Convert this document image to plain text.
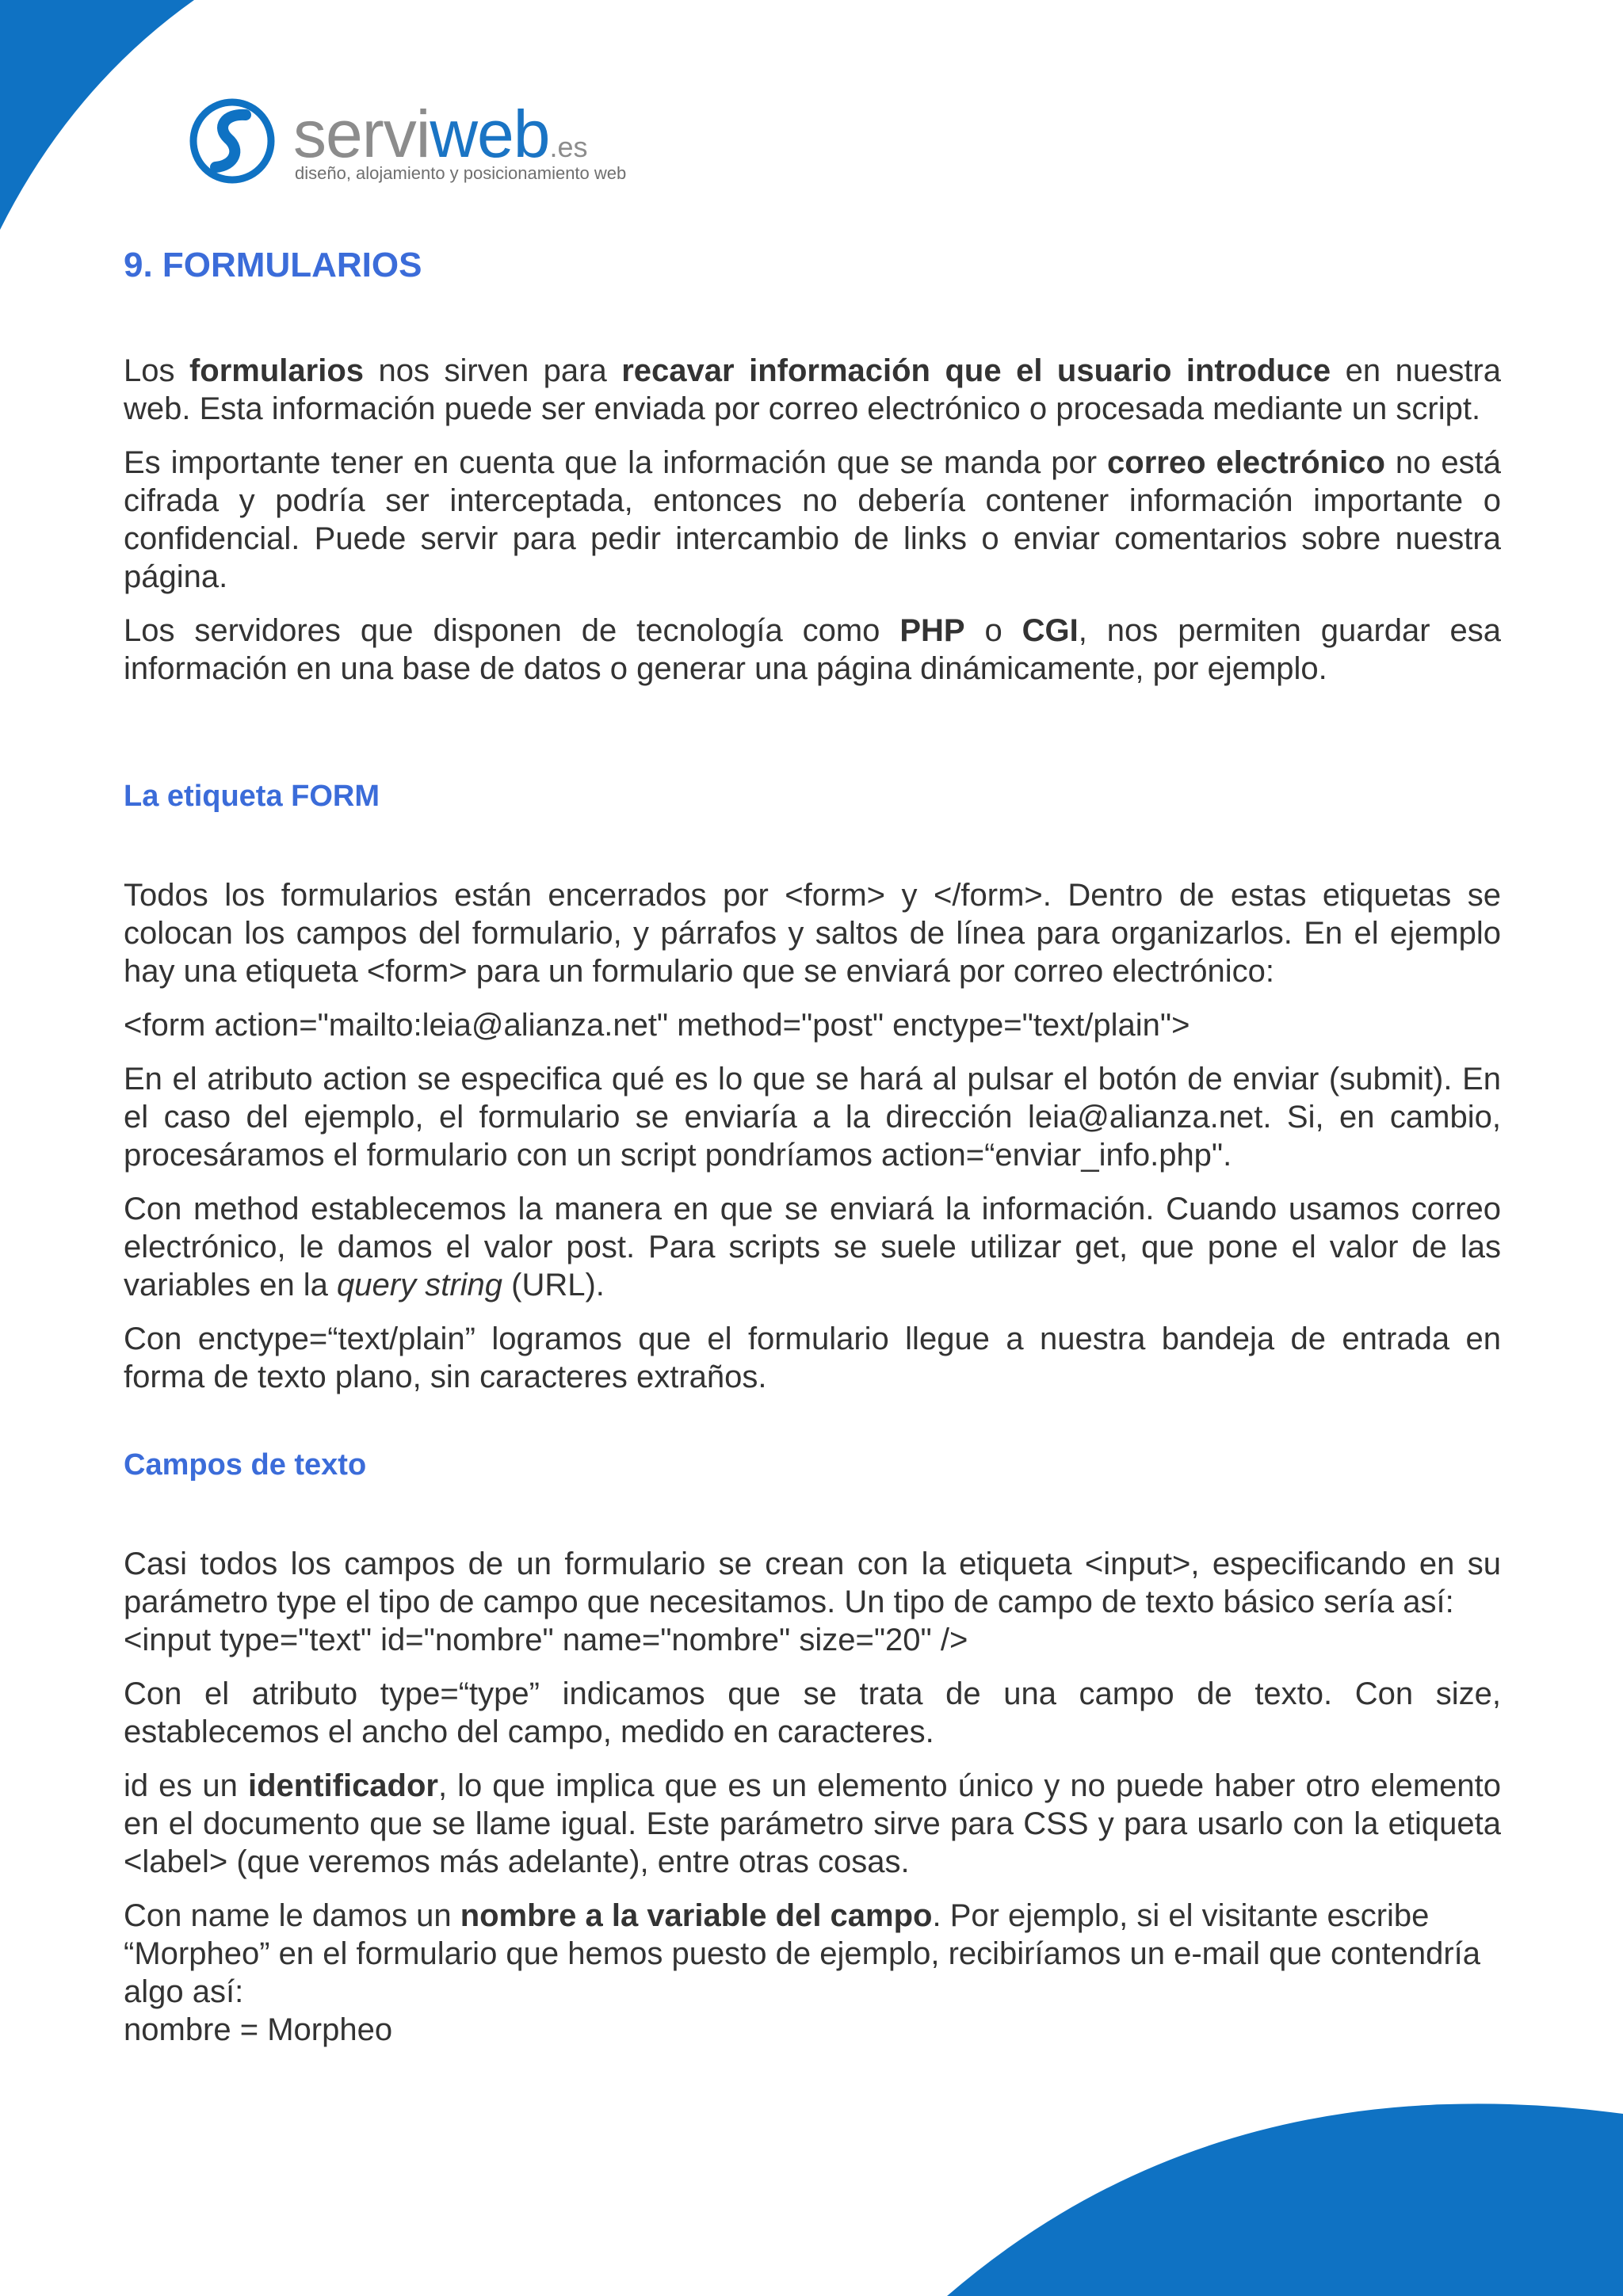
serviweb.es
diseño, alojamiento y posicionamiento web
9. FORMULARIOS

Los formularios nos sirven para recavar información que el usuario introduce en nuestra web. Esta información puede ser enviada por correo electrónico o procesada mediante un script.

Es importante tener en cuenta que la información que se manda por correo electrónico no está cifrada y podría ser interceptada, entonces no debería contener información importante o confidencial. Puede servir para pedir intercambio de links o enviar comentarios sobre nuestra página.

Los servidores que disponen de tecnología como PHP o CGI, nos permiten guardar esa información en una base de datos o generar una página dinámicamente, por ejemplo.

La etiqueta FORM

Todos los formularios están encerrados por <form> y </form>. Dentro de estas etiquetas se colocan los campos del formulario, y párrafos y saltos de línea para organizarlos. En el ejemplo hay una etiqueta <form> para un formulario que se enviará por correo electrónico:

<form action="mailto:leia@alianza.net" method="post" enctype="text/plain">

En el atributo action se especifica qué es lo que se hará al pulsar el botón de enviar (submit). En el caso del ejemplo, el formulario se enviaría a la dirección leia@alianza.net. Si, en cambio, procesáramos el formulario con un script pondríamos action=“enviar_info.php".

Con method establecemos la manera en que se enviará la información. Cuando usamos correo electrónico, le damos el valor post. Para scripts se suele utilizar get, que pone el valor de las variables en la query string (URL).

Con enctype=“text/plain” logramos que el formulario llegue a nuestra bandeja de entrada en forma de texto plano, sin caracteres extraños.

Campos de texto

Casi todos los campos de un formulario se crean con la etiqueta <input>, especificando en su parámetro type el tipo de campo que necesitamos. Un tipo de campo de texto básico sería así:
<input type="text" id="nombre" name="nombre" size="20" />

Con el atributo type=“type” indicamos que se trata de una campo de texto. Con size, establecemos el ancho del campo, medido en caracteres.

id es un identificador, lo que implica que es un elemento único y no puede haber otro elemento en el documento que se llame igual. Este parámetro sirve para CSS y para usarlo con la etiqueta <label> (que veremos más adelante), entre otras cosas.

Con name le damos un nombre a la variable del campo. Por ejemplo, si el visitante escribe “Morpheo” en el formulario que hemos puesto de ejemplo, recibiríamos un e-mail que contendría algo así:
nombre = Morpheo
